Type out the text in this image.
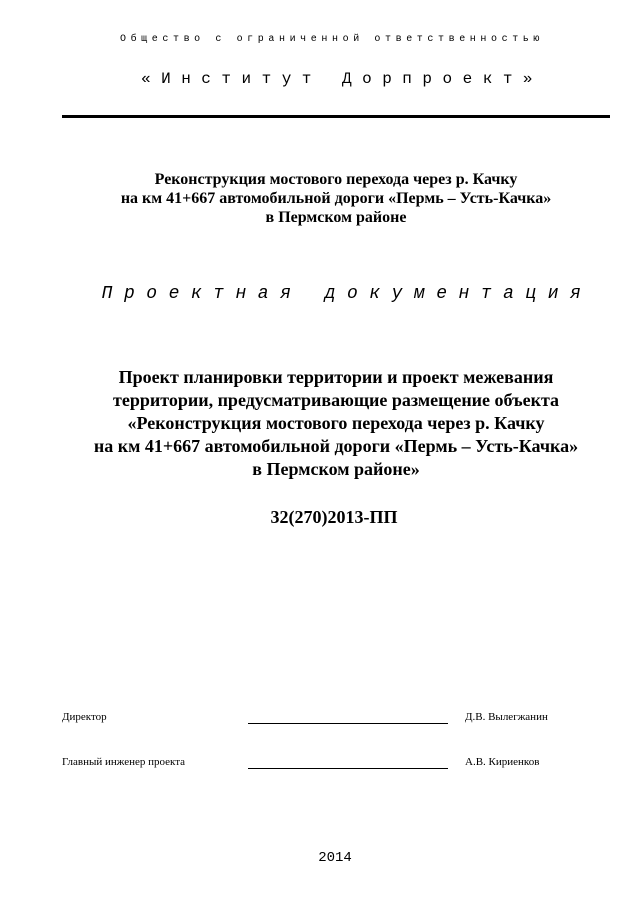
Общество с ограниченной ответственностью
«Институт Дорпроект»
Реконструкция мостового перехода через р. Качку
на км 41+667 автомобильной дороги «Пермь – Усть-Качка»
в Пермском районе
Проектная документация
Проект планировки территории и проект межевания
территории, предусматривающие размещение объекта
«Реконструкция мостового перехода через р. Качку
на км 41+667 автомобильной дороги «Пермь – Усть-Качка»
в Пермском районе»
32(270)2013-ПП
Директор	Д.В. Вылегжанин
Главный инженер проекта	А.В. Кириенков
2014
